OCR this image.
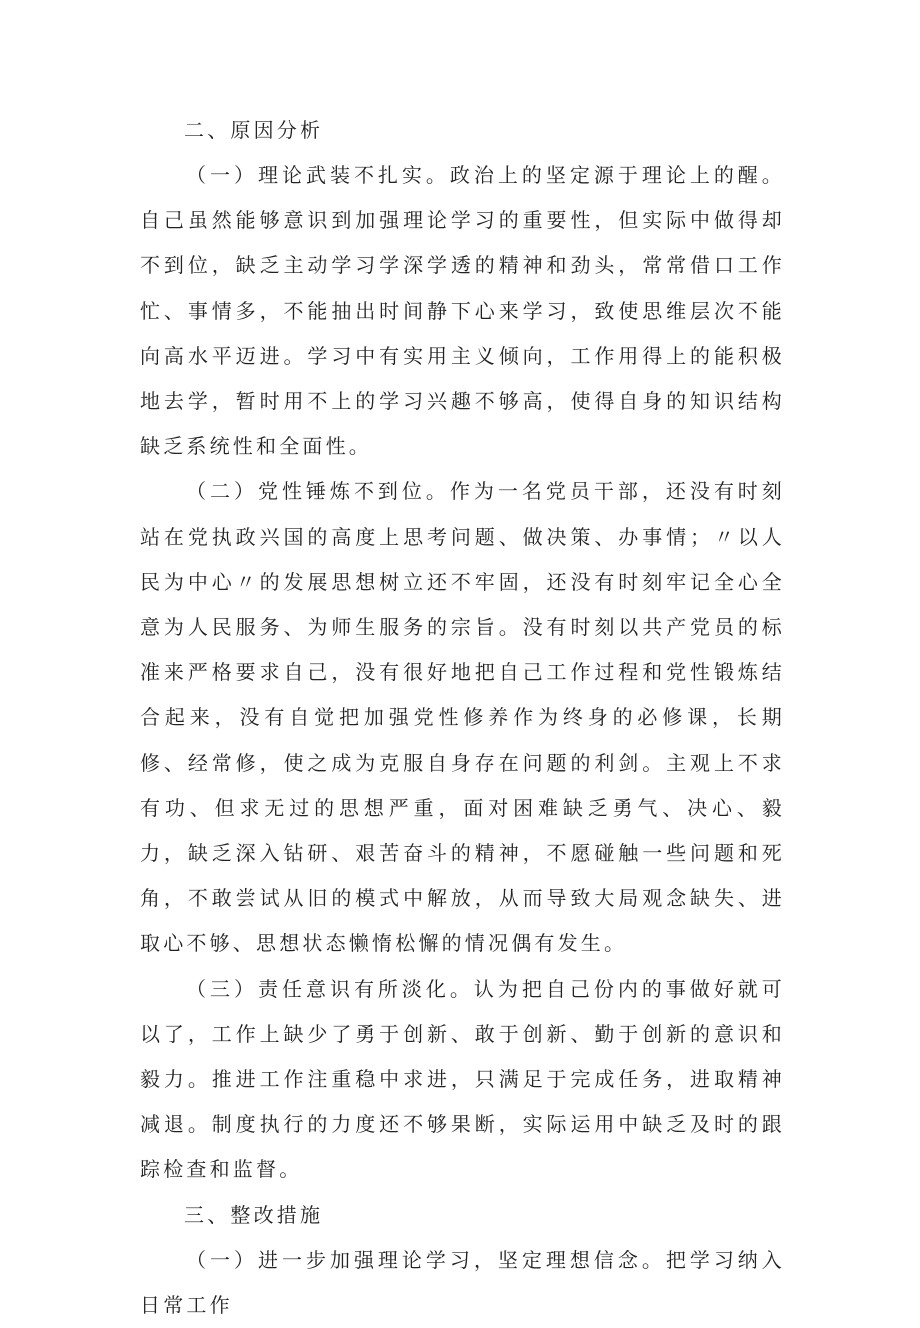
二、原因分析

（一）理论武装不扎实。政治上的坚定源于理论上的醒。自己虽然能够意识到加强理论学习的重要性，但实际中做得却不到位，缺乏主动学习学深学透的精神和劲头，常常借口工作忙、事情多，不能抽出时间静下心来学习，致使思维层次不能向高水平迈进。学习中有实用主义倾向，工作用得上的能积极地去学，暂时用不上的学习兴趣不够高，使得自身的知识结构缺乏系统性和全面性。

（二）党性锤炼不到位。作为一名党员干部，还没有时刻站在党执政兴国的高度上思考问题、做决策、办事情；〃以人民为中心〃的发展思想树立还不牢固，还没有时刻牢记全心全意为人民服务、为师生服务的宗旨。没有时刻以共产党员的标准来严格要求自己，没有很好地把自己工作过程和党性锻炼结合起来，没有自觉把加强党性修养作为终身的必修课，长期修、经常修，使之成为克服自身存在问题的利剑。主观上不求有功、但求无过的思想严重，面对困难缺乏勇气、决心、毅力，缺乏深入钻研、艰苦奋斗的精神，不愿碰触一些问题和死角，不敢尝试从旧的模式中解放，从而导致大局观念缺失、进取心不够、思想状态懒惰松懈的情况偶有发生。

（三）责任意识有所淡化。认为把自己份内的事做好就可以了，工作上缺少了勇于创新、敢于创新、勤于创新的意识和毅力。推进工作注重稳中求进，只满足于完成任务，进取精神减退。制度执行的力度还不够果断，实际运用中缺乏及时的跟踪检查和监督。

三、整改措施

（一）进一步加强理论学习，坚定理想信念。把学习纳入日常工作
